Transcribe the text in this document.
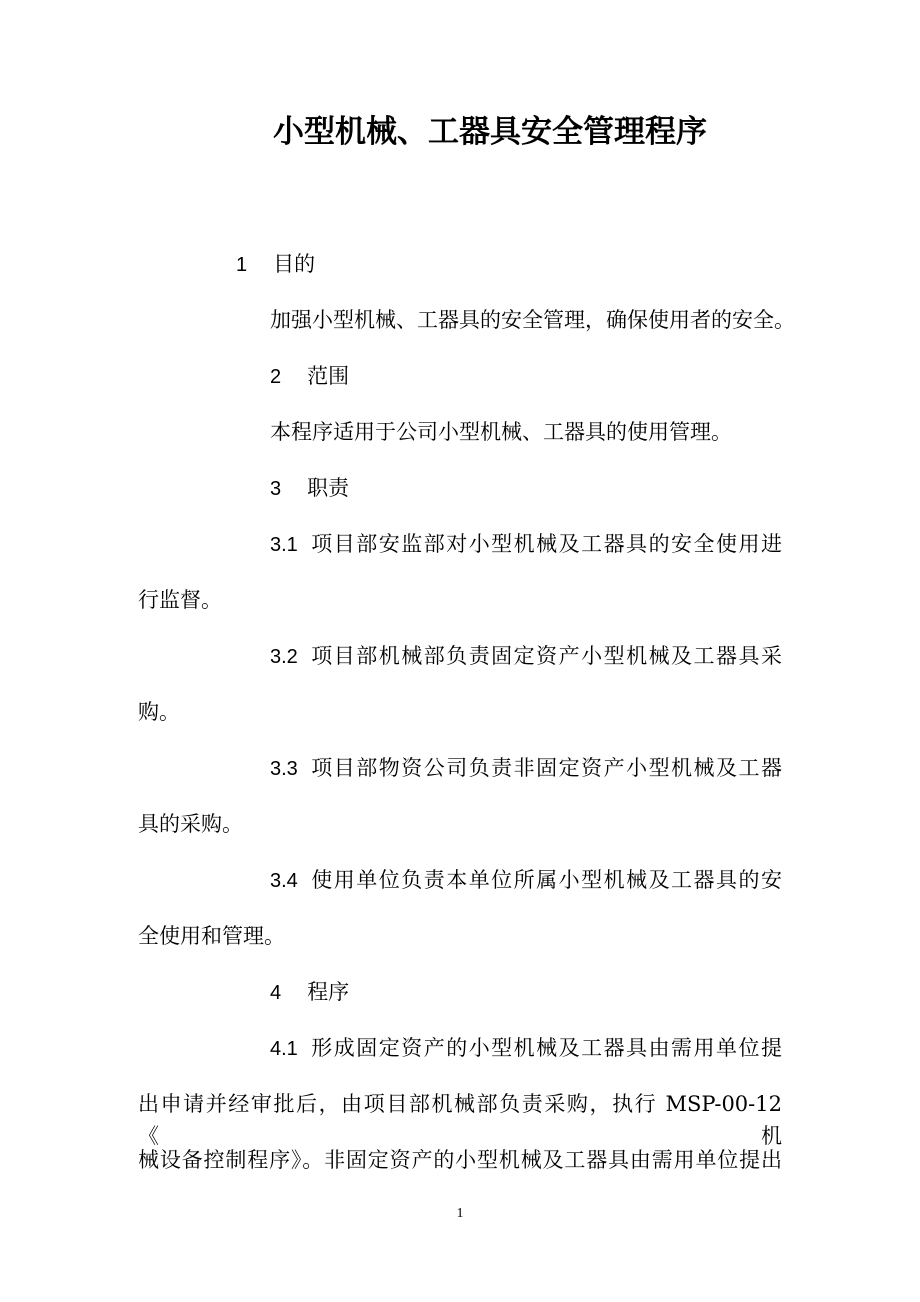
小型机械、工器具安全管理程序
1 目的
加强小型机械、工器具的安全管理，确保使用者的安全。
2 范围
本程序适用于公司小型机械、工器具的使用管理。
3 职责
3.1 项目部安监部对小型机械及工器具的安全使用进
行监督。
3.2 项目部机械部负责固定资产小型机械及工器具采
购。
3.3 项目部物资公司负责非固定资产小型机械及工器
具的采购。
3.4 使用单位负责本单位所属小型机械及工器具的安
全使用和管理。
4 程序
4.1 形成固定资产的小型机械及工器具由需用单位提
出申请并经审批后，由项目部机械部负责采购，执行 MSP-00-12《机
械设备控制程序》。非固定资产的小型机械及工器具由需用单位提出
1
